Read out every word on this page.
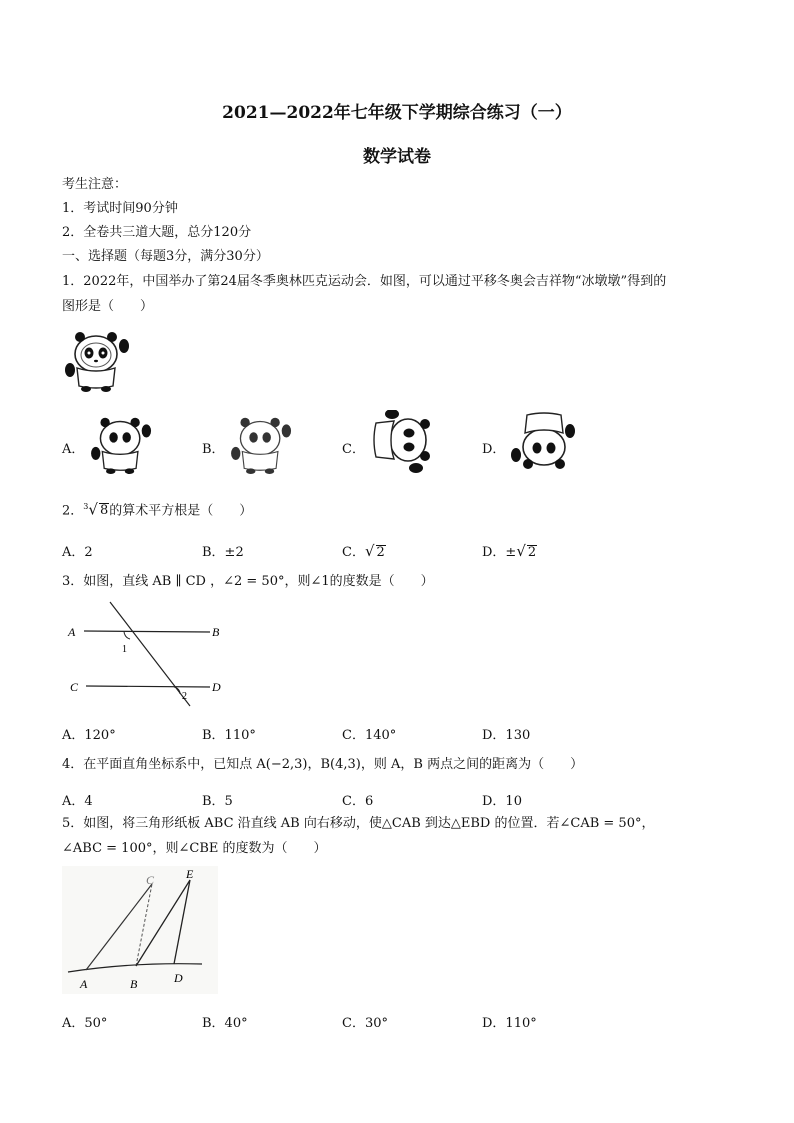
2021—2022年七年级下学期综合练习（一）
数学试卷
考生注意：
1．考试时间90分钟
2．全卷共三道大题，总分120分
一、选择题（每题3分，满分30分）
1．2022年，中国举办了第24届冬季奥林匹克运动会．如图，可以通过平移冬奥会吉祥物“冰墩墩”得到的
图形是（　　）
A．	B．	C．	D．
2．$^3$√ 8的算术平方根是（　　）
A．2	B．±2	C．√ 2	D．±√ 2
3．如图，直线 AB ∥ CD ，∠2 = 50°，则∠1的度数是（　　）
A	B
C	D
1
2
A．120°	B．110°	C．140°	D．130
4．在平面直角坐标系中，已知点 A(−2,3)，B(4,3)，则 A，B 两点之间的距离为（　　）
A．4	B．5	C．6	D．10
5．如图，将三角形纸板 ABC 沿直线 AB 向右移动，使△CAB 到达△EBD 的位置．若∠CAB = 50°，
∠ABC = 100°，则∠CBE 的度数为（　　）
A	B
C
D
E
A．50°	B．40°	C．30°	D．110°
